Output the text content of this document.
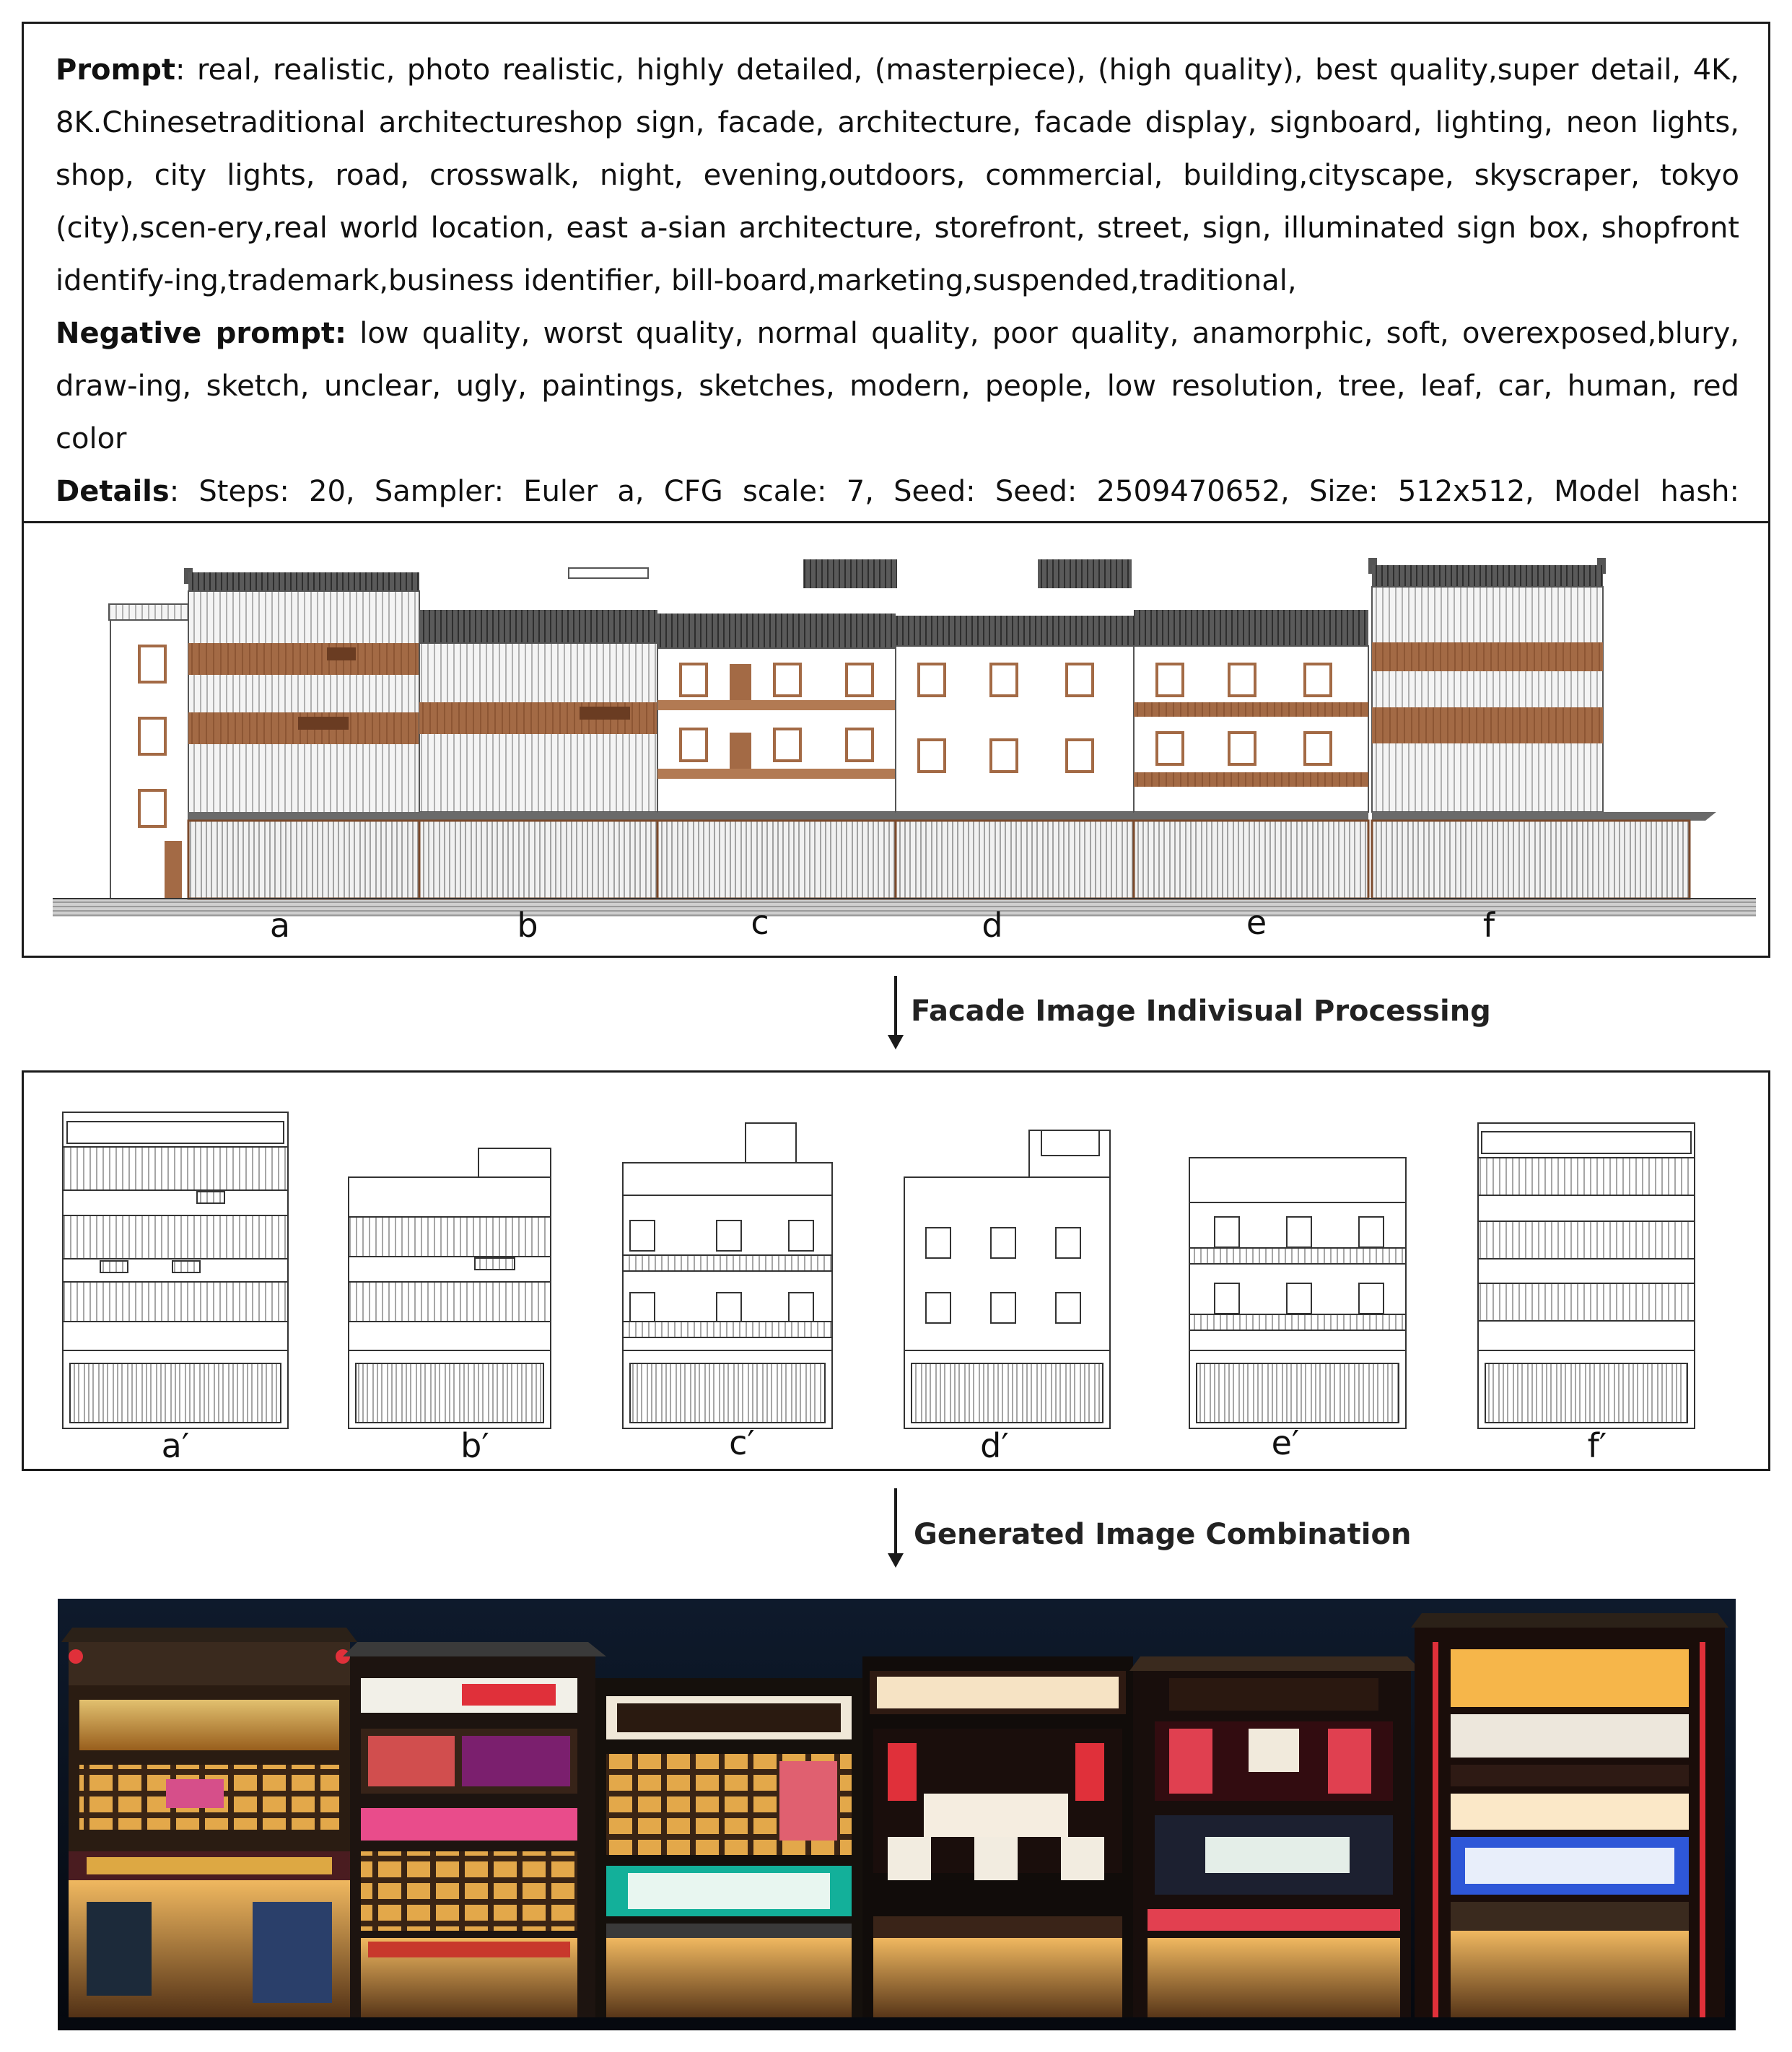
Prompt: real, realistic, photo realistic, highly detailed, (masterpiece), (high quality), best quality,super detail, 4K, 8K.Chinesetraditional architectureshop sign, facade, architecture, facade display, signboard, lighting, neon lights, shop, city lights, road, crosswalk, night, evening,outdoors, commercial, building,cityscape, skyscraper, tokyo (city),scen-ery,real world location, east a-sian architecture, storefront, street, sign, illuminated sign box, shopfront identify-ing,trademark,business identifier, bill-board,marketing,suspended,traditional,

Negative prompt: low quality, worst quality, normal quality, poor quality, anamorphic, soft, overexposed,blury, draw-ing, sketch, unclear, ugly, paintings, sketches, modern, people, low resolution, tree, leaf, car, human, red color

Details: Steps: 20, Sampler: Euler a, CFG scale: 7, Seed: Seed: 2509470652, Size: 512x512, Model hash:

a	b	c	d	e	f
Facade Image Indivisual Processing
a′	b′	c′	d′	e′	f′
Generated Image Combination
